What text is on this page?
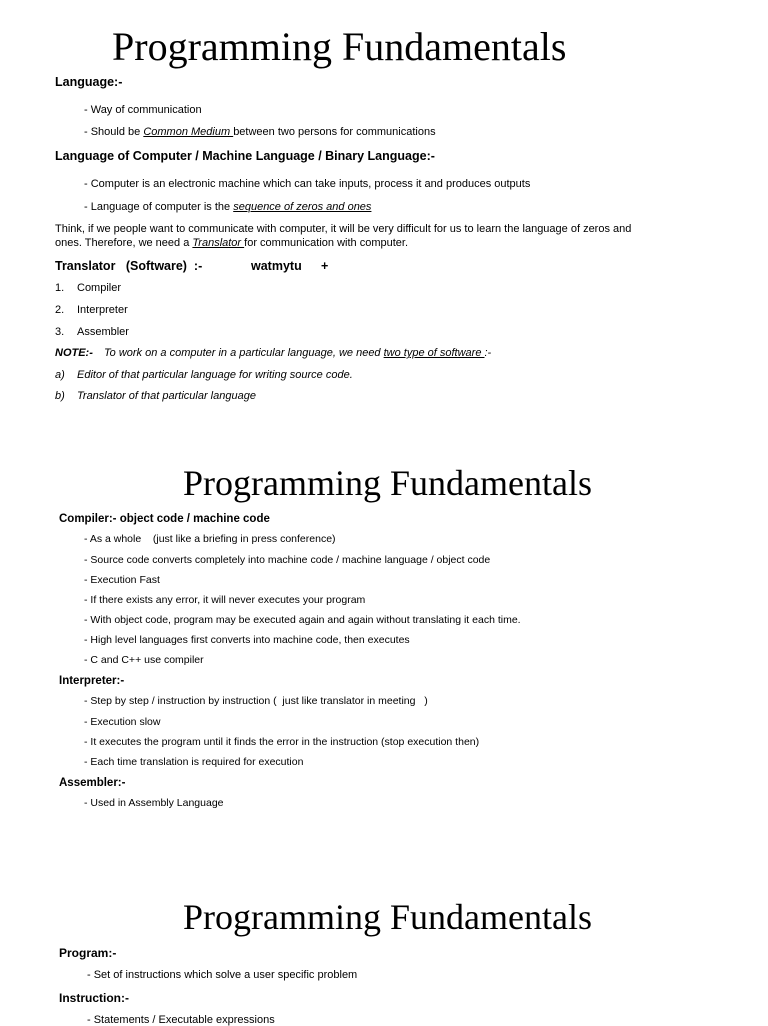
Programming Fundamentals
Language:-
- Way of communication
- Should be Common Medium between two persons for communications
Language of Computer / Machine Language / Binary Language:-
- Computer is an electronic machine which can take inputs, process it and produces outputs
- Language of computer is the sequence of zeros and ones
Think, if we people want to communicate with computer, it will be very difficult for us to learn the language of zeros and
ones. Therefore, we need a Translator for communication with computer.
Translator   (Software)  :-	watmytu +
1. Compiler
2. Interpreter
3. Assembler
NOTE:- To work on a computer in a particular language, we need two type of software :-
a) Editor of that particular language for writing source code.
b) Translator of that particular language
Programming Fundamentals
Compiler:- object code / machine code
- As a whole    (just like a briefing in press conference)
- Source code converts completely into machine code / machine language / object code
- Execution Fast
- If there exists any error, it will never executes your program
- With object code, program may be executed again and again without translating it each time.
- High level languages first converts into machine code, then executes
- C and C++ use compiler
Interpreter:-
- Step by step / instruction by instruction (  just like translator in meeting   )
- Execution slow
- It executes the program until it finds the error in the instruction (stop execution then)
- Each time translation is required for execution
Assembler:-
- Used in Assembly Language
Programming Fundamentals
Program:-
- Set of instructions which solve a user specific problem
Instruction:-
- Statements / Executable expressions
